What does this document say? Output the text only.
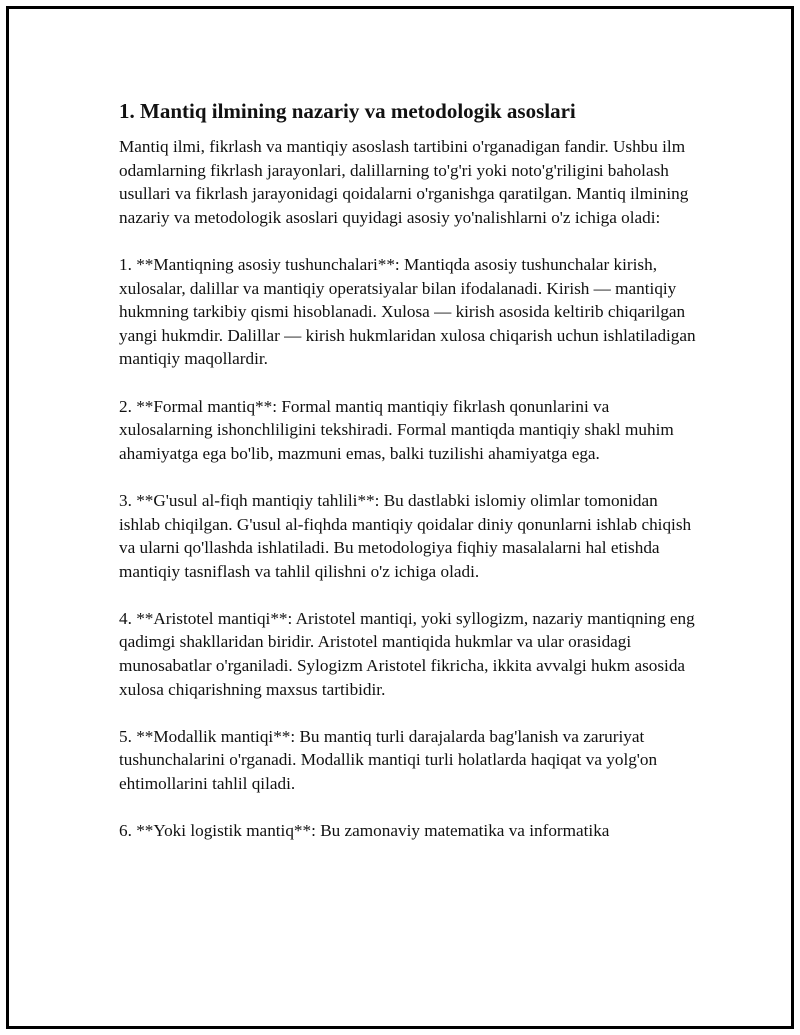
1. Mantiq ilmining nazariy va metodologik asoslari

Mantiq ilmi, fikrlash va mantiqiy asoslash tartibini o'rganadigan fandir. Ushbu ilm odamlarning fikrlash jarayonlari, dalillarning to'g'ri yoki noto'g'riligini baholash usullari va fikrlash jarayonidagi qoidalarni o'rganishga qaratilgan. Mantiq ilmining nazariy va metodologik asoslari quyidagi asosiy yo'nalishlarni o'z ichiga oladi:

1. **Mantiqning asosiy tushunchalari**: Mantiqda asosiy tushunchalar kirish, xulosalar, dalillar va mantiqiy operatsiyalar bilan ifodalanadi. Kirish — mantiqiy hukmning tarkibiy qismi hisoblanadi. Xulosa — kirish asosida keltirib chiqarilgan yangi hukmdir. Dalillar — kirish hukmlaridan xulosa chiqarish uchun ishlatiladigan mantiqiy maqollardir.

2. **Formal mantiq**: Formal mantiq mantiqiy fikrlash qonunlarini va xulosalarning ishonchliligini tekshiradi. Formal mantiqda mantiqiy shakl muhim ahamiyatga ega bo'lib, mazmuni emas, balki tuzilishi ahamiyatga ega.

3. **G'usul al-fiqh mantiqiy tahlili**: Bu dastlabki islomiy olimlar tomonidan ishlab chiqilgan. G'usul al-fiqhda mantiqiy qoidalar diniy qonunlarni ishlab chiqish va ularni qo'llashda ishlatiladi. Bu metodologiya fiqhiy masalalarni hal etishda mantiqiy tasniflash va tahlil qilishni o'z ichiga oladi.

4. **Aristotel mantiqi**: Aristotel mantiqi, yoki syllogizm, nazariy mantiqning eng qadimgi shakllaridan biridir. Aristotel mantiqida hukmlar va ular orasidagi munosabatlar o'rganiladi. Sylogizm Aristotel fikricha, ikkita avvalgi hukm asosida xulosa chiqarishning maxsus tartibidir.

5. **Modallik mantiqi**: Bu mantiq turli darajalarda bag'lanish va zaruriyat tushunchalarini o'rganadi. Modallik mantiqi turli holatlarda haqiqat va yolg'on ehtimollarini tahlil qiladi.

6. **Yoki logistik mantiq**: Bu zamonaviy matematika va informatika
